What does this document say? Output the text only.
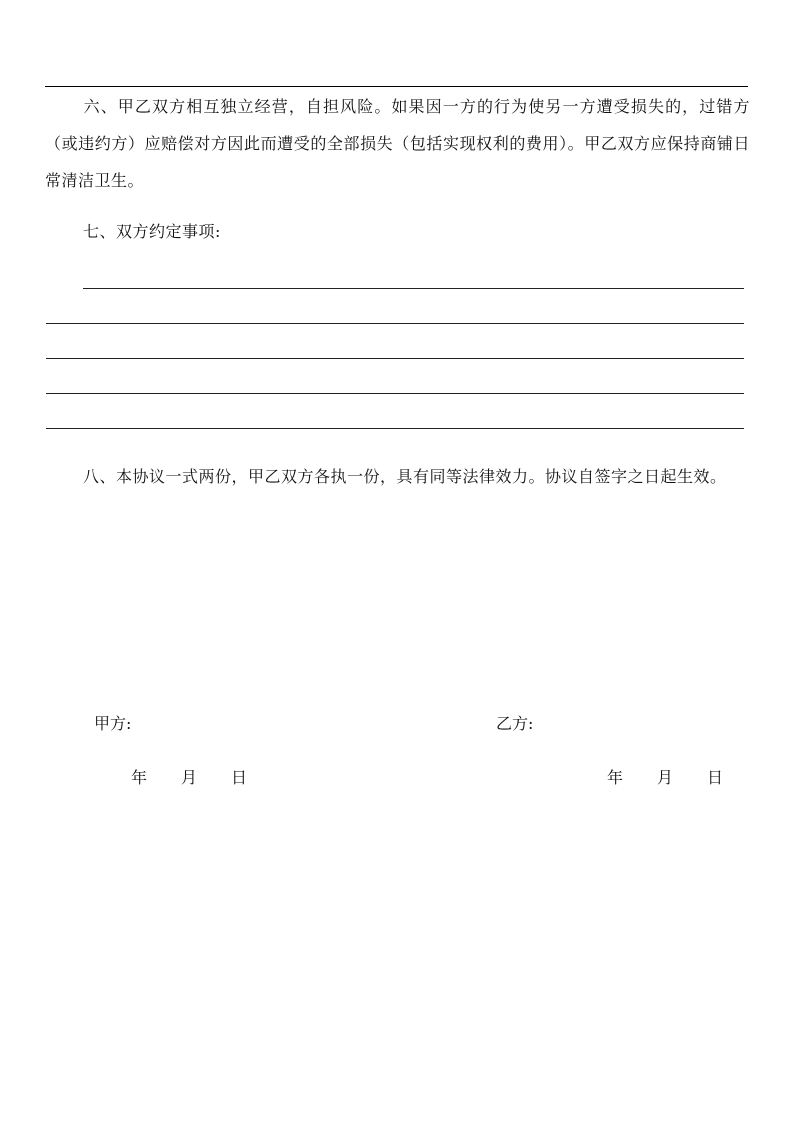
六、甲乙双方相互独立经营，自担风险。如果因一方的行为使另一方遭受损失的，过错方（或违约方）应赔偿对方因此而遭受的全部损失（包括实现权利的费用）。甲乙双方应保持商铺日常清洁卫生。

七、双方约定事项:

八、本协议一式两份，甲乙双方各执一份，具有同等法律效力。协议自签字之日起生效。

甲方:	乙方:
年	月	日	年	月	日
